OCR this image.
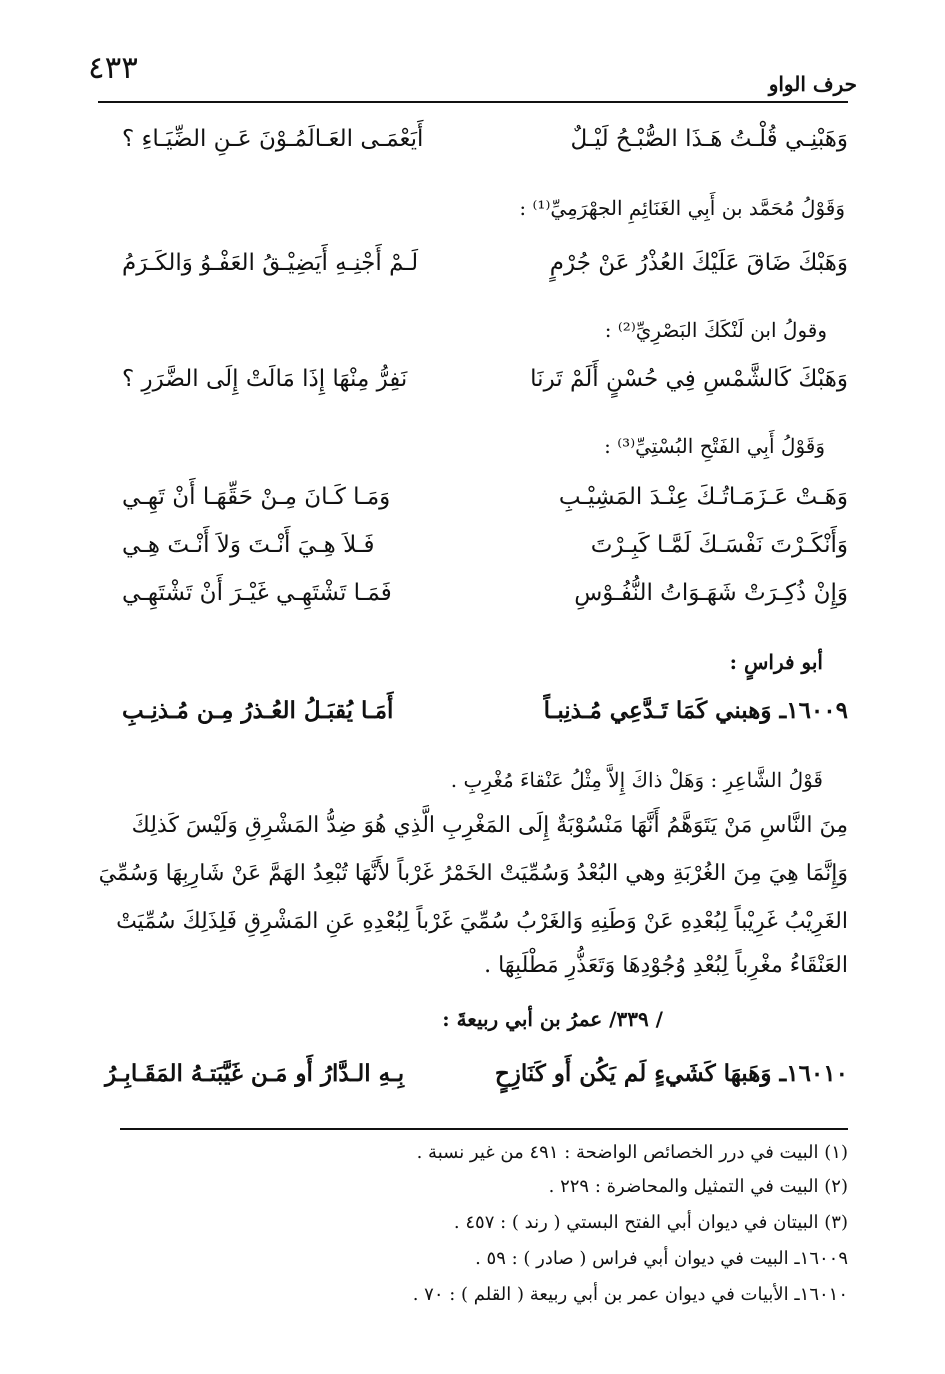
٤٣٣	حرف الواو
وَهَبْنِـي قُلْـتُ هَـذَا الصُّبْـحُ لَيْـلٌ
أَيَعْمَـى العَـالَمُـوْنَ عَـنِ الضِّيَـاءِ ؟
وَقَوْلُ مُحَمَّد بن أَبِي الغَنَائِمِ الجهْرَمِيِّ⁽¹⁾ :
وَهَبْكَ ضَاقَ عَلَيْكَ العُذْرُ عَنْ جُرْمٍ
لَـمْ أَجْنِـهِ أَيَضِيْـقُ العَفْـوُ وَالكَـرَمُ
وقولُ ابن لَنْكَكَ البَصْرِيِّ⁽²⁾ :
وَهَبْكَ كَالشَّمْسِ فِي حُسْنٍ أَلَمْ تَرنَا
نَفِرُّ مِنْهَا إِذَا مَالَتْ إِلَى الضَّرَرِ ؟
وَقَوْلُ أَبِي الفَتْحِ البُسْتِيِّ⁽³⁾ :
وَهَـتْ عَـزَمَـاتُـكَ عِنْـدَ المَشِيْـبِ
وَمَـا كَـانَ مِـنْ حَقِّهَـا أَنْ تَهِـي
وَأَنْكَـرْتَ نَفْسَـكَ لَمَّـا كَبِـرْتَ
فَـلاَ هِـيَ أَنْـتَ وَلاَ أَنْـتَ هِـي
وَإِنْ ذُكِـرَتْ شَهَـوَاتُ النُّفُـوْسِ
فَمَـا تَشْتَهِـي غَيْـرَ أَنْ تَشْتَهِـي
أبو فراسٍ :
١٦٠٠٩ـ وَهبني كَمَا تَـدَّعِي مُـذنِبـاً
أَمَـا يُقبَـلُ العُـذرُ مِـن مُـذنِـبِ
قَوْلُ الشَّاعِرِ : وَهَلْ ذاكَ إِلاَّ مِثْلُ عَنْقاءَ مُغْرِبِ .
مِنَ النَّاسِ مَنْ يَتَوَهَّمُ أَنَّهَا مَنْسُوْبَةٌ إِلَى المَغْرِبِ الَّذِي هُوَ ضِدُّ المَشْرِقِ وَلَيْسَ كَذلِكَ
وَإِنَّمَا هِيَ مِنَ الغُرْبَةِ وهي البُعْدُ وَسُمِّيَتْ الخَمْرُ غَرْباً لأَنَّهَا تُبْعِدُ الهَمَّ عَنْ شَارِبِهَا وَسُمِّيَ
الغَرِيْبُ غَرِيْباً لِبُعْدِهِ عَنْ وَطَنِهِ وَالغَرْبُ سُمِّيَ غَرْباً لِبُعْدِهِ عَنِ المَشْرِقِ فَلِذَلِكَ سُمِّيَتْ
العَنْقَاءُ مغْرِباً لِبُعْدِ وُجُوْدِهَا وَتَعَذُّرِ مَطْلَبِهَا .
/ ٣٣٩/ عمرُ بن أبي ربيعةَ :
١٦٠١٠ـ وَهَبهَا كَشَيءٍ لَم يَكُن أَو كَنَازِحٍ
بِـهِ الـدَّارُ أَو مَـن غَيَّبَتـهُ المَقَـابِـرُ
(١) البيت في درر الخصائص الواضحة : ٤٩١ من غير نسبة .
(٢) البيت في التمثيل والمحاضرة : ٢٢٩ .
(٣) البيتان في ديوان أبي الفتح البستي ( رند ) : ٤٥٧ .
١٦٠٠٩ـ البيت في ديوان أبي فراس ( صادر ) : ٥٩ .
١٦٠١٠ـ الأبيات في ديوان عمر بن أبي ربيعة ( القلم ) : ٧٠ .
